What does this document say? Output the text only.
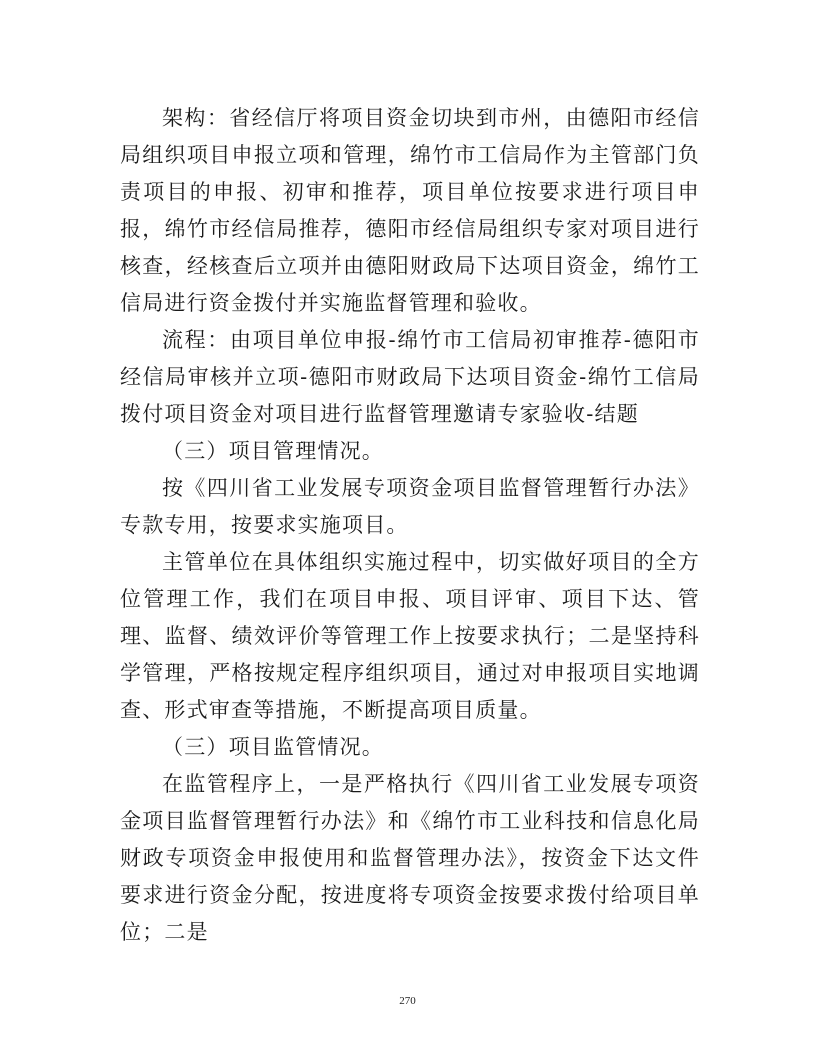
架构：省经信厅将项目资金切块到市州，由德阳市经信局组织项目申报立项和管理，绵竹市工信局作为主管部门负责项目的申报、初审和推荐，项目单位按要求进行项目申报，绵竹市经信局推荐，德阳市经信局组织专家对项目进行核查，经核查后立项并由德阳财政局下达项目资金，绵竹工信局进行资金拨付并实施监督管理和验收。

流程：由项目单位申报-绵竹市工信局初审推荐-德阳市经信局审核并立项-德阳市财政局下达项目资金-绵竹工信局拨付项目资金对项目进行监督管理邀请专家验收-结题

（三）项目管理情况。

按《四川省工业发展专项资金项目监督管理暂行办法》专款专用，按要求实施项目。

主管单位在具体组织实施过程中，切实做好项目的全方位管理工作，我们在项目申报、项目评审、项目下达、管理、监督、绩效评价等管理工作上按要求执行；二是坚持科学管理，严格按规定程序组织项目，通过对申报项目实地调查、形式审查等措施，不断提高项目质量。

（三）项目监管情况。

在监管程序上，一是严格执行《四川省工业发展专项资金项目监督管理暂行办法》和《绵竹市工业科技和信息化局财政专项资金申报使用和监督管理办法》，按资金下达文件要求进行资金分配，按进度将专项资金按要求拨付给项目单位；二是

270
